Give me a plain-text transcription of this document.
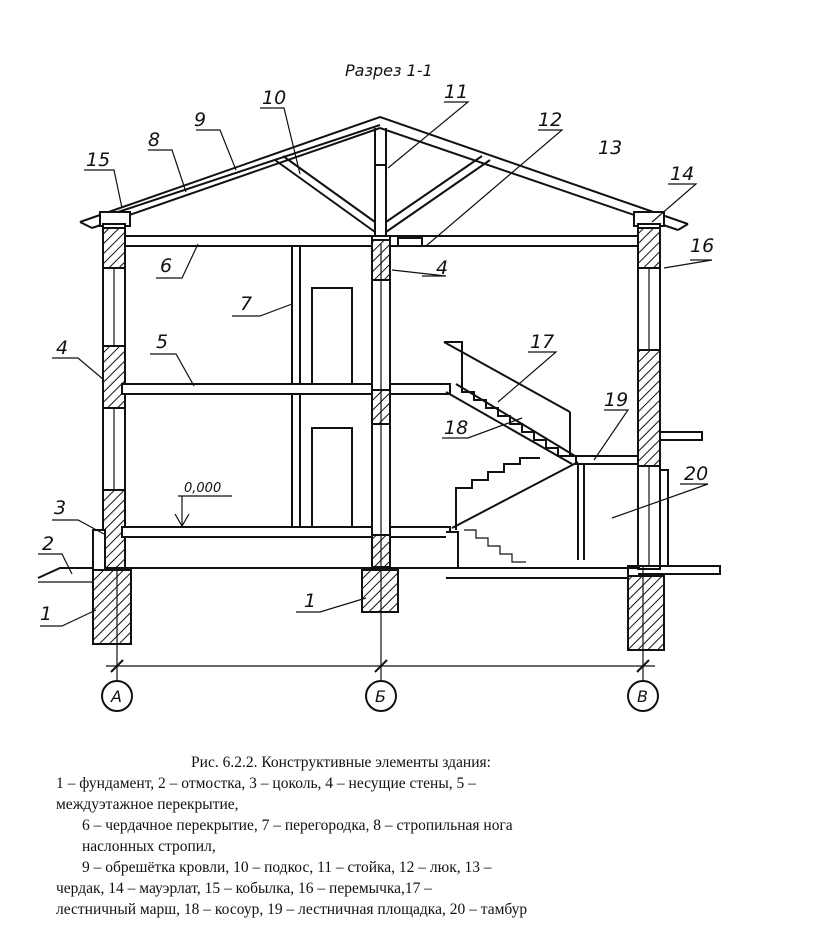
Разрез 1-1
А	Б	В
0,000
1
1
2
3
4
4
5
6
7
8
9
10	11
12
13
14
15
16
17
18
19
20

Рис. 6.2.2. Конструктивные элементы здания:

1 – фундамент, 2 – отмостка, 3 – цоколь, 4 – несущие стены, 5 –

междуэтажное перекрытие,

6 – чердачное перекрытие, 7 – перегородка, 8 – стропильная нога

наслонных стропил,

9 – обрешётка кровли, 10 – подкос, 11 – стойка, 12 – люк, 13 –

чердак, 14 – мауэрлат, 15 – кобылка, 16 – перемычка,17 –

лестничный марш, 18 – косоур, 19 – лестничная площадка, 20 – тамбур
